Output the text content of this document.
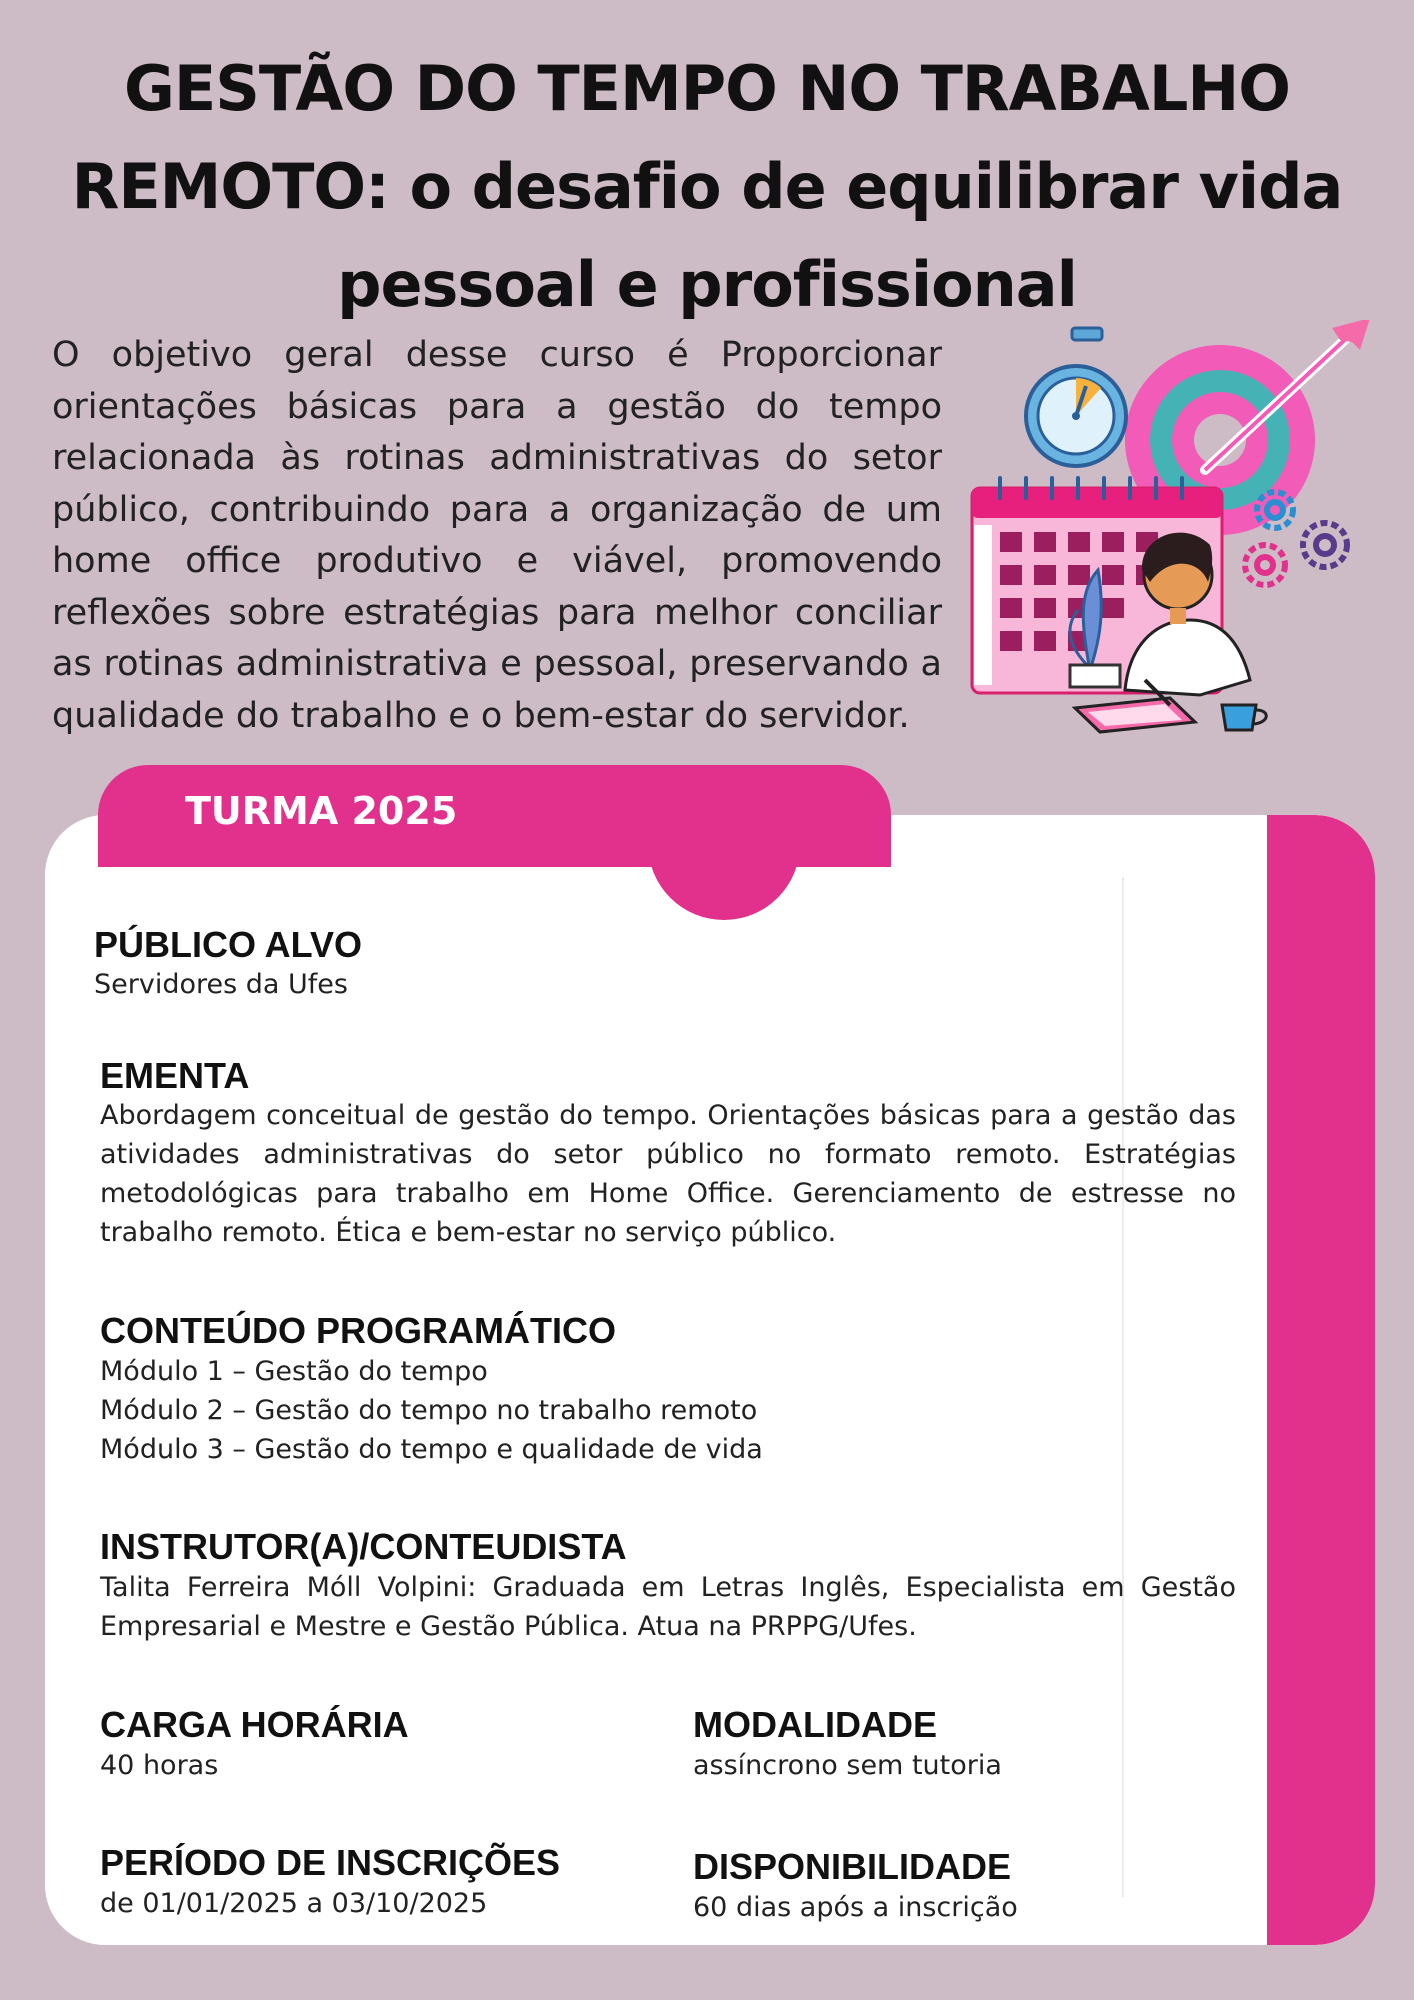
GESTÃO DO TEMPO NO TRABALHO
REMOTO: o desafio de equilibrar vida
pessoal e profissional

O objetivo geral desse curso é Proporcionar orientações básicas para a gestão do tempo relacionada às rotinas administrativas do setor público, contribuindo para a organização de um home office produtivo e viável, promovendo reflexões sobre estratégias para melhor conciliar as rotinas administrativa e pessoal, preservando a qualidade do trabalho e o bem-estar do servidor.

TURMA 2025

PÚBLICO ALVO

Servidores da Ufes

EMENTA

Abordagem conceitual de gestão do tempo. Orientações básicas para a gestão das atividades administrativas do setor público no formato remoto. Estratégias metodológicas para trabalho em Home Office. Gerenciamento de estresse no trabalho remoto. Ética e bem-estar no serviço público.

CONTEÚDO PROGRAMÁTICO
Módulo 1 – Gestão do tempo
Módulo 2 – Gestão do tempo no trabalho remoto
Módulo 3 – Gestão do tempo e qualidade de vida
INSTRUTOR(A)/CONTEUDISTA

Talita Ferreira Móll Volpini: Graduada em Letras Inglês, Especialista em Gestão Empresarial e Mestre e Gestão Pública. Atua na PRPPG/Ufes.

CARGA HORÁRIA

40 horas

MODALIDADE

assíncrono sem tutoria

PERÍODO DE INSCRIÇÕES

de 01/01/2025 a 03/10/2025

DISPONIBILIDADE

60 dias após a inscrição
